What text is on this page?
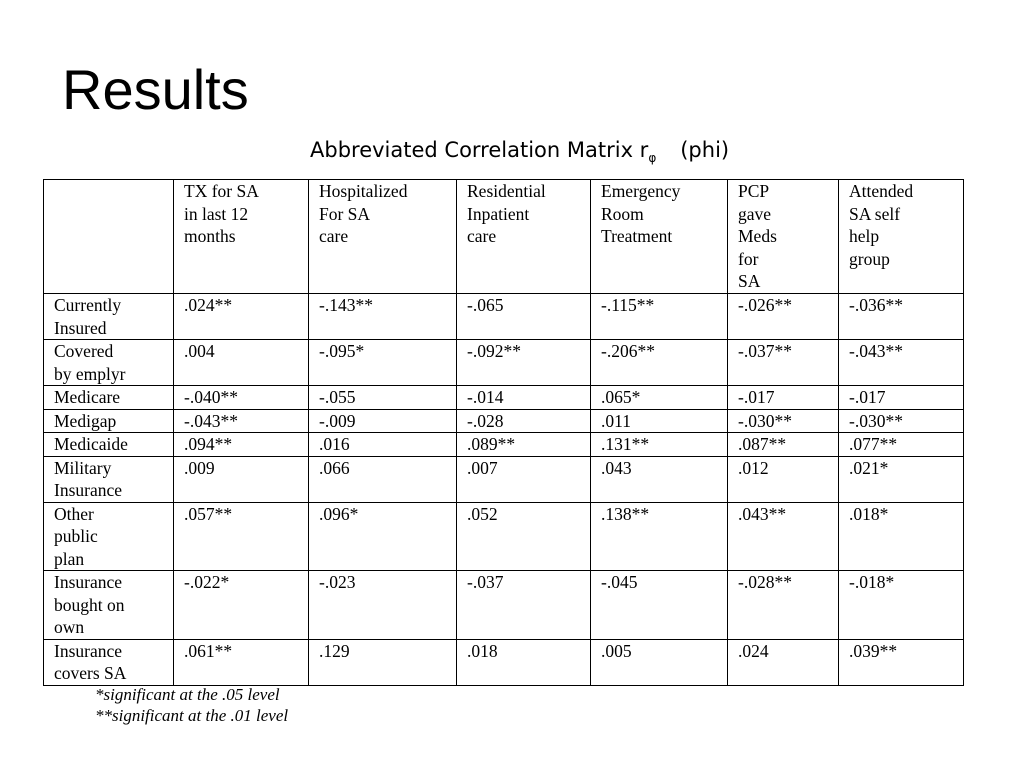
Results
Abbreviated Correlation Matrix $r_\varphi$ (phi)
	TX for SA
in last 12
months	Hospitalized
For SA
care	Residential
Inpatient
care	Emergency
Room
Treatment	PCP
gave
Meds
for
SA	Attended
SA self
help
group
Currently
Insured	.024**	-.143**	-.065	-.115**	-.026**	-.036**
Covered
by emplyr	.004	-.095*	-.092**	-.206**	-.037**	-.043**
Medicare	-.040**	-.055	-.014	.065*	-.017	-.017
Medigap	-.043**	-.009	-.028	.011	-.030**	-.030**
Medicaide	.094**	.016	.089**	.131**	.087**	.077**
Military
Insurance	.009	.066	.007	.043	.012	.021*
Other
public
plan	.057**	.096*	.052	.138**	.043**	.018*
Insurance
bought on
own	-.022*	-.023	-.037	-.045	-.028**	-.018*
Insurance
covers SA	.061**	.129	.018	.005	.024	.039**
*significant at the .05 level
**significant at the .01 level
